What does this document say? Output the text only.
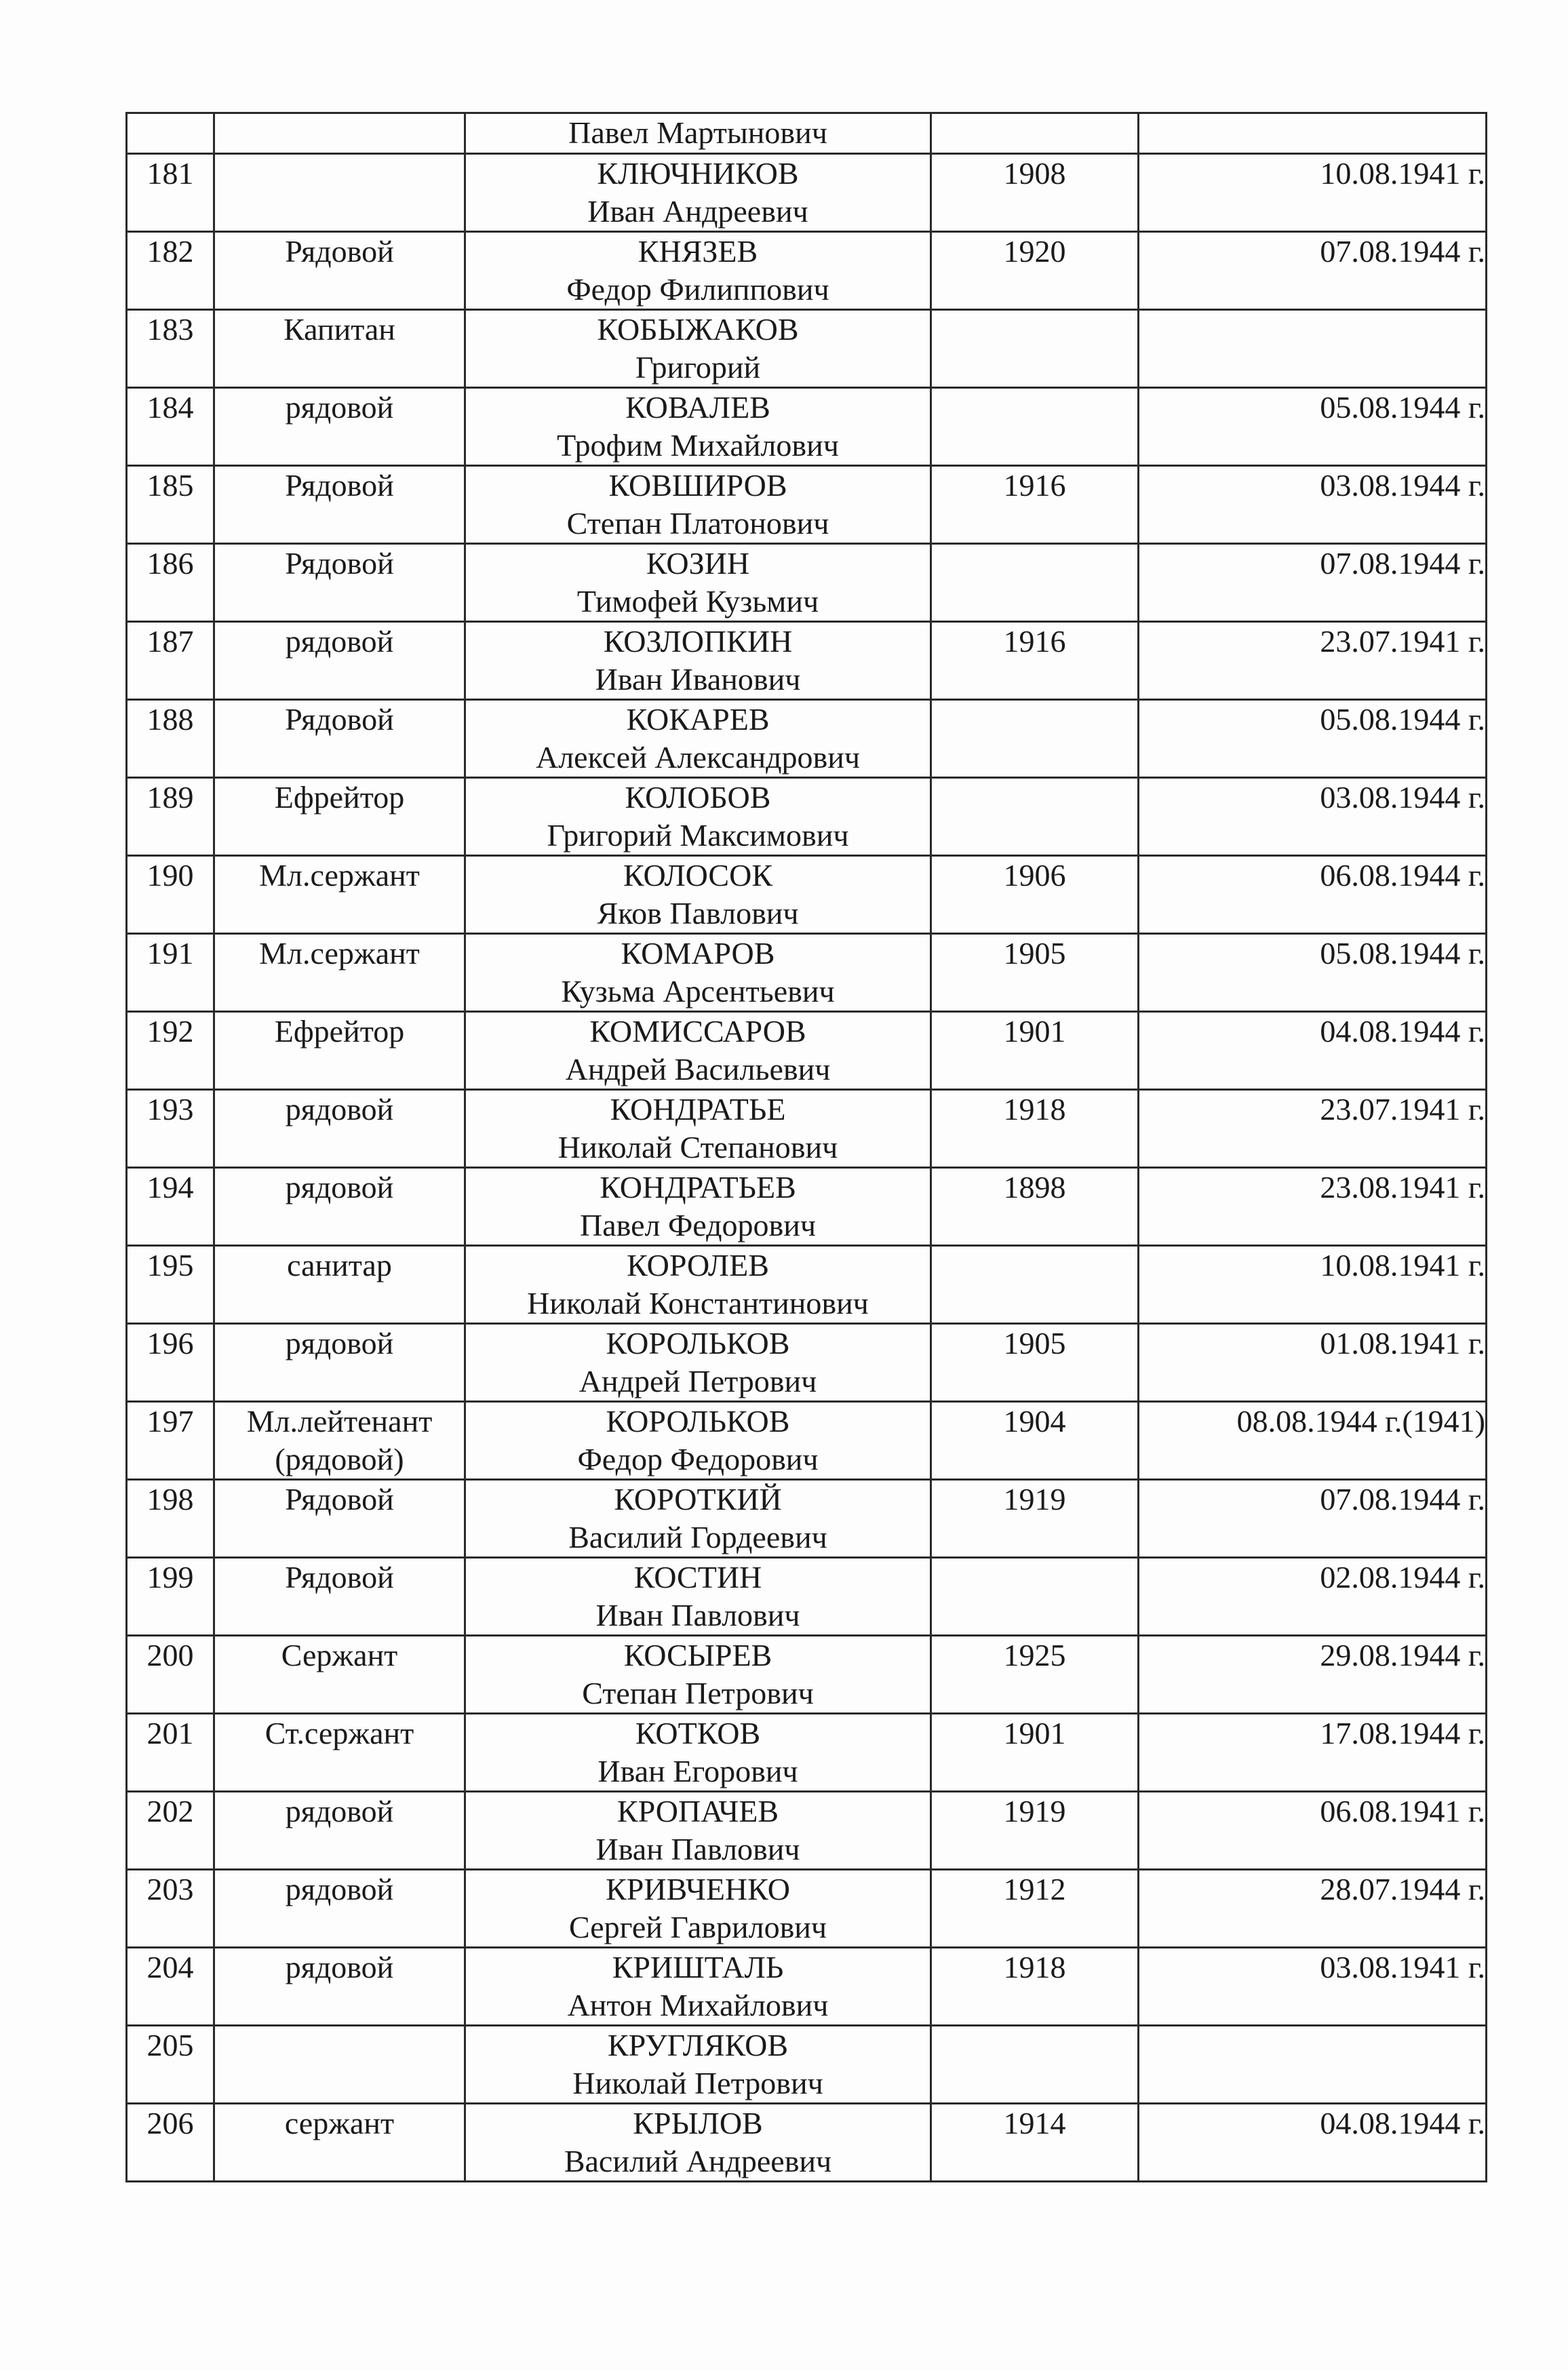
		Павел Мартынович		

181		КЛЮЧНИКОВ
Иван Андреевич	1908	10.08.1941 г.
182	Рядовой	КНЯЗЕВ
Федор Филиппович	1920	07.08.1944 г.
183	Капитан	КОБЫЖАКОВ
Григорий		

184	рядовой	КОВАЛЕВ
Трофим Михайлович		05.08.1944 г.
185	Рядовой	КОВШИРОВ
Степан Платонович	1916	03.08.1944 г.
186	Рядовой	КОЗИН
Тимофей Кузьмич		07.08.1944 г.
187	рядовой	КОЗЛОПКИН
Иван Иванович	1916	23.07.1941 г.
188	Рядовой	КОКАРЕВ
Алексей Александрович		05.08.1944 г.
189	Ефрейтор	КОЛОБОВ
Григорий Максимович		03.08.1944 г.
190	Мл.сержант	КОЛОСОК
Яков Павлович	1906	06.08.1944 г.
191	Мл.сержант	КОМАРОВ
Кузьма Арсентьевич	1905	05.08.1944 г.
192	Ефрейтор	КОМИССАРОВ
Андрей Васильевич	1901	04.08.1944 г.
193	рядовой	КОНДРАТЬЕ
Николай Степанович	1918	23.07.1941 г.
194	рядовой	КОНДРАТЬЕВ
Павел Федорович	1898	23.08.1941 г.
195	санитар	КОРОЛЕВ
Николай Константинович		10.08.1941 г.
196	рядовой	КОРОЛЬКОВ
Андрей Петрович	1905	01.08.1941 г.
197	Мл.лейтенант (рядовой)	КОРОЛЬКОВ
Федор Федорович	1904	08.08.1944 г.(1941)
198	Рядовой	КОРОТКИЙ
Василий Гордеевич	1919	07.08.1944 г.
199	Рядовой	КОСТИН
Иван Павлович		02.08.1944 г.
200	Сержант	КОСЫРЕВ
Степан Петрович	1925	29.08.1944 г.
201	Ст.сержант	КОТКОВ
Иван Егорович	1901	17.08.1944 г.
202	рядовой	КРОПАЧЕВ
Иван Павлович	1919	06.08.1941 г.
203	рядовой	КРИВЧЕНКО
Сергей Гаврилович	1912	28.07.1944 г.
204	рядовой	КРИШТАЛЬ
Антон Михайлович	1918	03.08.1941 г.
205		КРУГЛЯКОВ
Николай Петрович		

206	сержант	КРЫЛОВ
Василий Андреевич	1914	04.08.1944 г.
